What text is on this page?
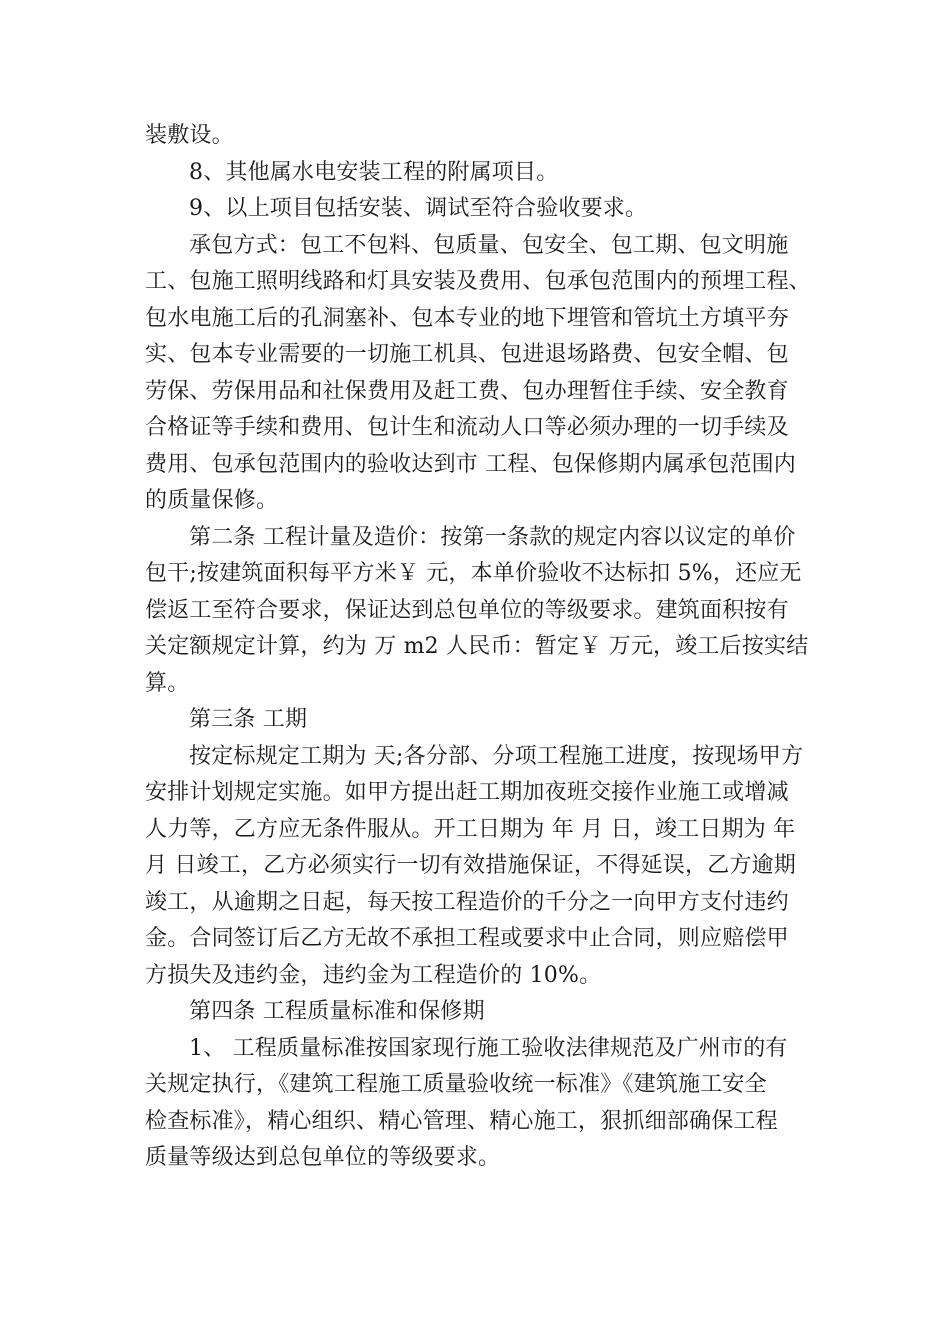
装敷设。
8、其他属水电安装工程的附属项目。
9、以上项目包括安装、调试至符合验收要求。
承包方式：包工不包料、包质量、包安全、包工期、包文明施
工、包施工照明线路和灯具安装及费用、包承包范围内的预埋工程、
包水电施工后的孔洞塞补、包本专业的地下埋管和管坑土方填平夯
实、包本专业需要的一切施工机具、包进退场路费、包安全帽、包
劳保、劳保用品和社保费用及赶工费、包办理暂住手续、安全教育
合格证等手续和费用、包计生和流动人口等必须办理的一切手续及
费用、包承包范围内的验收达到市 工程、包保修期内属承包范围内
的质量保修。
第二条 工程计量及造价：按第一条款的规定内容以议定的单价
包干;按建筑面积每平方米￥ 元，本单价验收不达标扣 5%，还应无
偿返工至符合要求，保证达到总包单位的等级要求。建筑面积按有
关定额规定计算，约为 万 m2 人民币：暂定￥ 万元，竣工后按实结
算。
第三条 工期
按定标规定工期为 天;各分部、分项工程施工进度，按现场甲方
安排计划规定实施。如甲方提出赶工期加夜班交接作业施工或增减
人力等，乙方应无条件服从。开工日期为 年 月 日，竣工日期为 年
月 日竣工，乙方必须实行一切有效措施保证，不得延误，乙方逾期
竣工，从逾期之日起，每天按工程造价的千分之一向甲方支付违约
金。合同签订后乙方无故不承担工程或要求中止合同，则应赔偿甲
方损失及违约金，违约金为工程造价的 10%。
第四条 工程质量标准和保修期
1、 工程质量标准按国家现行施工验收法律规范及广州市的有
关规定执行，《建筑工程施工质量验收统一标准》《建筑施工安全
检查标准》，精心组织、精心管理、精心施工，狠抓细部确保工程
质量等级达到总包单位的等级要求。
